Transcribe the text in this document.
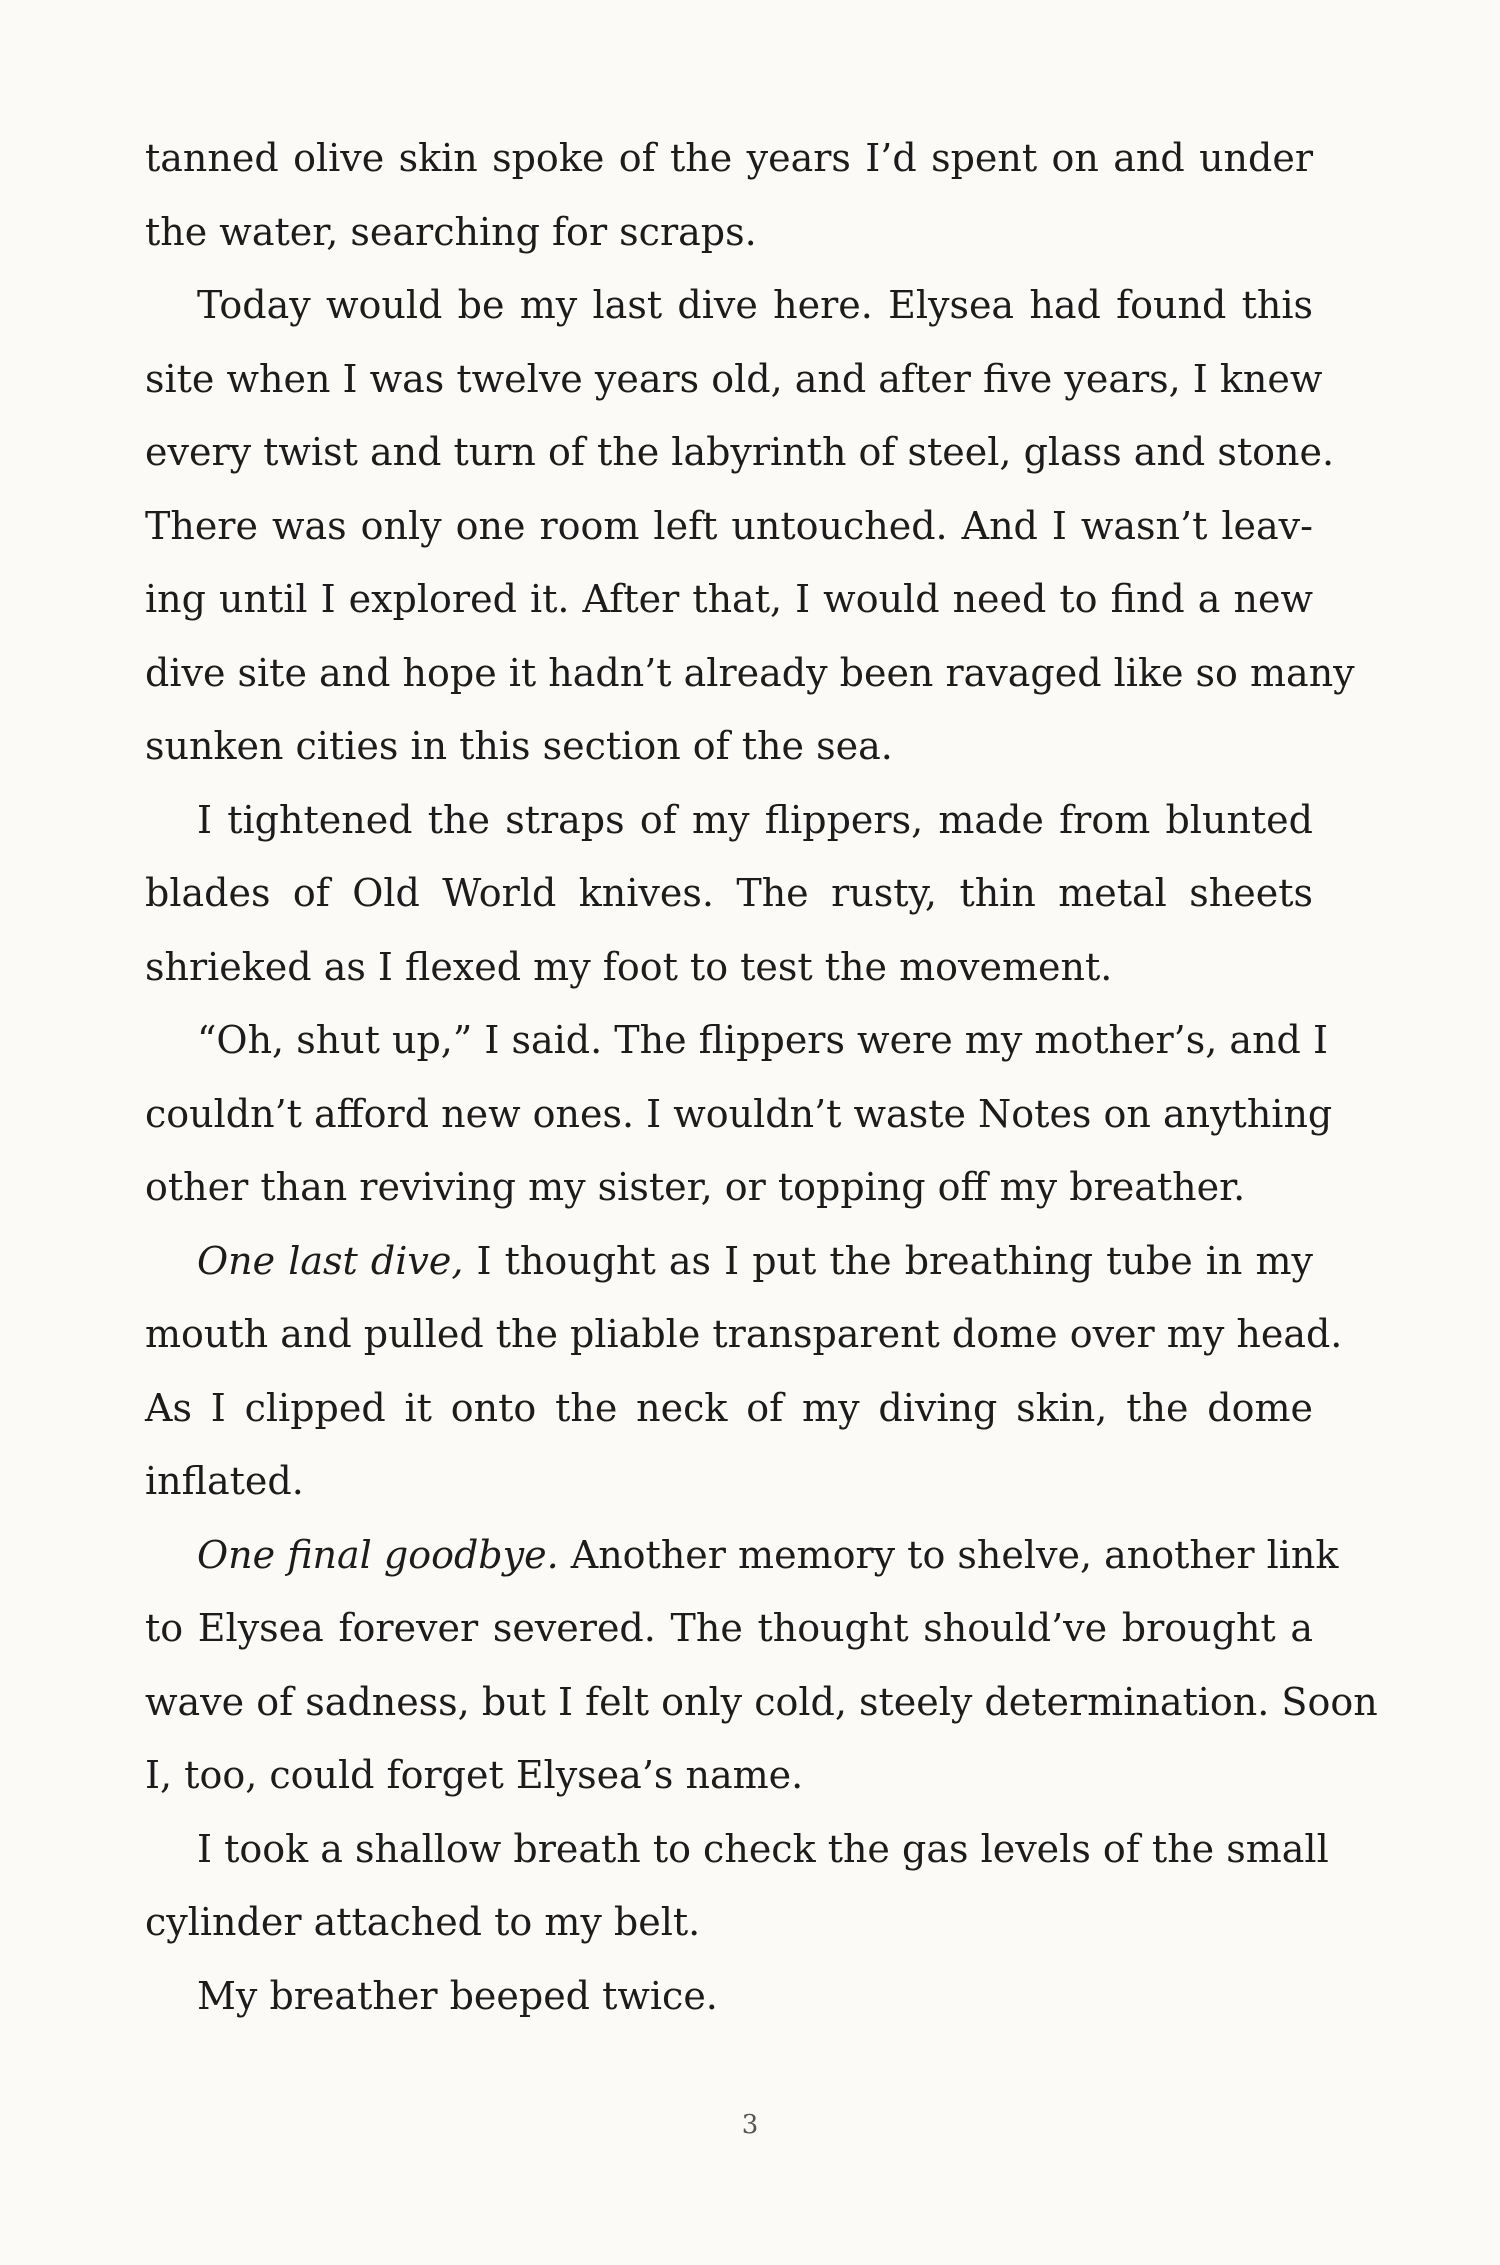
tanned olive skin spoke of the years I’d spent on and under
the water, searching for scraps.
Today would be my last dive here. Elysea had found this
site when I was twelve years old, and after five years, I knew
every twist and turn of the labyrinth of steel, glass and stone.
There was only one room left untouched. And I wasn’t leav-
ing until I explored it. After that, I would need to find a new
dive site and hope it hadn’t already been ravaged like so many
sunken cities in this section of the sea.
I tightened the straps of my flippers, made from blunted
blades of Old World knives. The rusty, thin metal sheets
shrieked as I flexed my foot to test the movement.
“Oh, shut up,” I said. The flippers were my mother’s, and I
couldn’t afford new ones. I wouldn’t waste Notes on anything
other than reviving my sister, or topping off my breather.
One last dive, I thought as I put the breathing tube in my
mouth and pulled the pliable transparent dome over my head.
As I clipped it onto the neck of my diving skin, the dome
inflated.
One final goodbye. Another memory to shelve, another link
to Elysea forever severed. The thought should’ve brought a
wave of sadness, but I felt only cold, steely determination. Soon
I, too, could forget Elysea’s name.
I took a shallow breath to check the gas levels of the small
cylinder attached to my belt.
My breather beeped twice.
3
